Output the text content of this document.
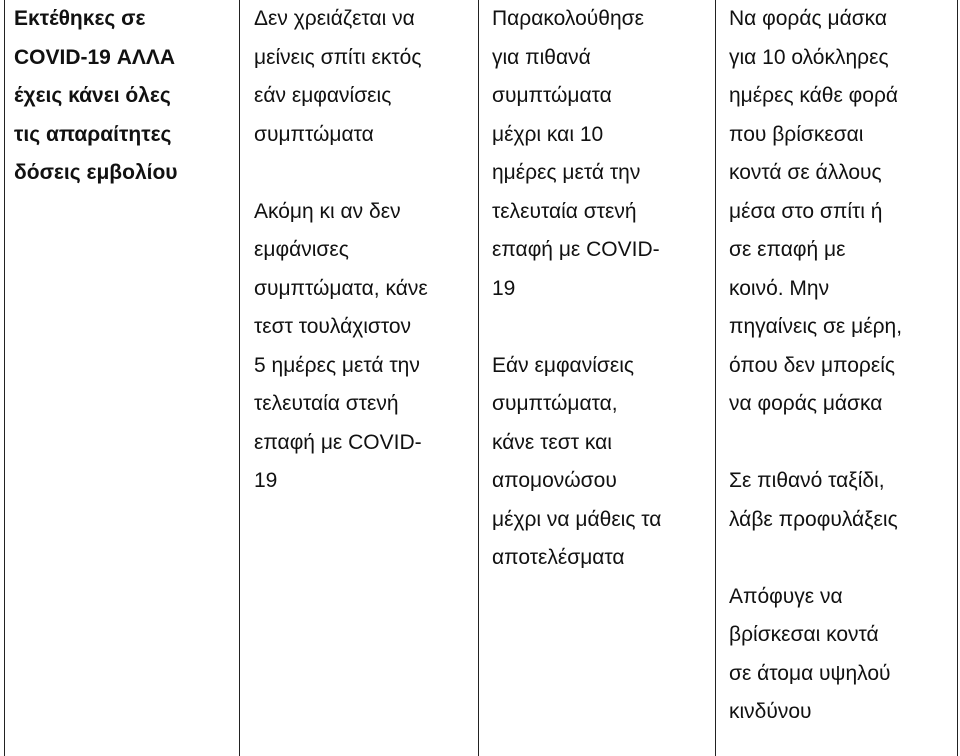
Εκτέθηκες σε
COVID-19 ΑΛΛΑ
έχεις κάνει όλες
τις απαραίτητες
δόσεις εμβολίου
Δεν χρειάζεται να
μείνεις σπίτι εκτός
εάν εμφανίσεις
συμπτώματα
Ακόμη κι αν δεν
εμφάνισες
συμπτώματα, κάνε
τεστ τουλάχιστον
5 ημέρες μετά την
τελευταία στενή
επαφή με COVID-
19
Παρακολούθησε
για πιθανά
συμπτώματα
μέχρι και 10
ημέρες μετά την
τελευταία στενή
επαφή με COVID-
19
Εάν εμφανίσεις
συμπτώματα,
κάνε τεστ και
απομονώσου
μέχρι να μάθεις τα
αποτελέσματα
Να φοράς μάσκα
για 10 ολόκληρες
ημέρες κάθε φορά
που βρίσκεσαι
κοντά σε άλλους
μέσα στο σπίτι ή
σε επαφή με
κοινό. Μην
πηγαίνεις σε μέρη,
όπου δεν μπορείς
να φοράς μάσκα
Σε πιθανό ταξίδι,
λάβε προφυλάξεις
Απόφυγε να
βρίσκεσαι κοντά
σε άτομα υψηλού
κινδύνου
